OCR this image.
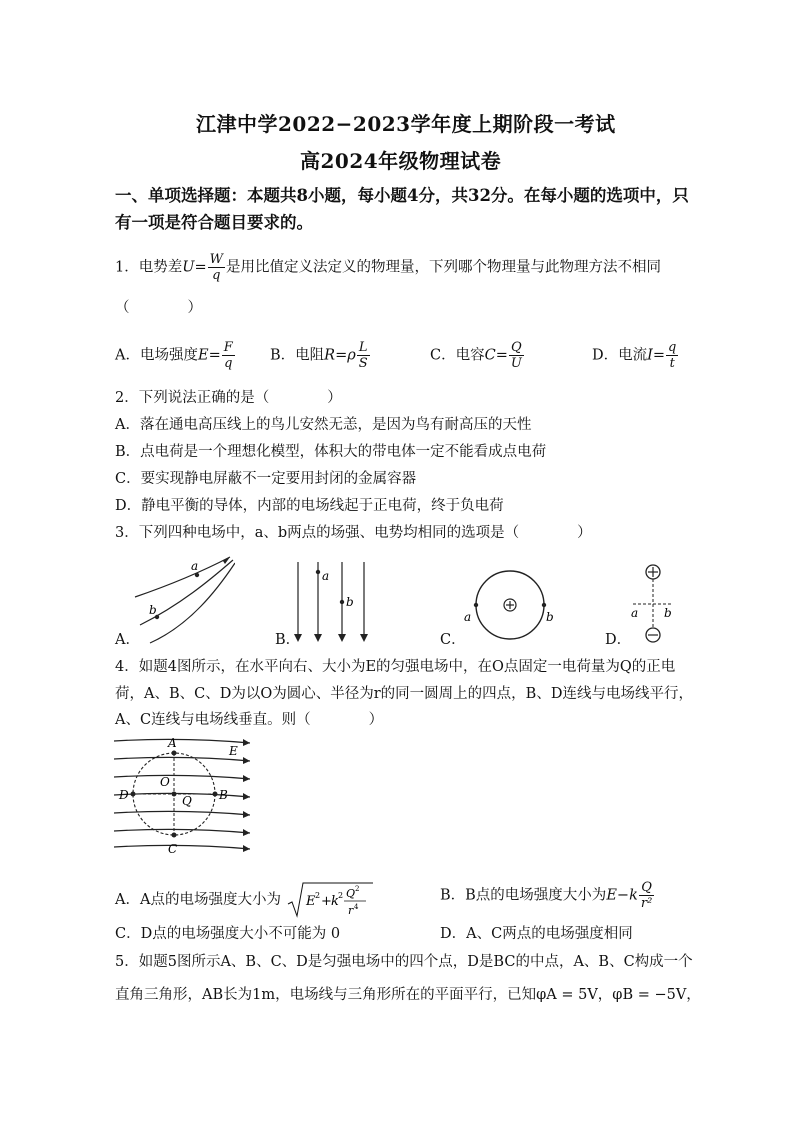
江津中学2022−2023学年度上期阶段一考试
高2024年级物理试卷
一、单项选择题：本题共8小题，每小题4分，共32分。在每小题的选项中，只
有一项是符合题目要求的。
1．电势差$U= \frac{W}{q}$ 是用比值定义法定义的物理量，下列哪个物理量与此物理方法不相同
（　　　　）
A．电场强度$E= \frac{F}{q}$ B．电阻$R=\rho \frac{L}{S}$	C．电容$C= \frac{Q}{U}$	D．电流$I= \frac{q}{t}$
2．下列说法正确的是（　　　　）
A．落在通电高压线上的鸟儿安然无恙，是因为鸟有耐高压的天性
B．点电荷是一个理想化模型，体积大的带电体一定不能看成点电荷
C．要实现静电屏蔽不一定要用封闭的金属容器
D．静电平衡的导体，内部的电场线起于正电荷，终于负电荷
3．下列四种电场中，a、b两点的场强、电势均相同的选项是（　　　　）
a
b
A．
a
b
B．
a	b
C．
a b
D．
4．如题4图所示，在水平向右、大小为E的匀强电场中，在O点固定一电荷量为Q的正电
荷，A、B、C、D为以O为圆心、半径为r的同一圆周上的四点，B、D连线与电场线平行，
A、C连线与电场线垂直。则（　　　　）
A
B
C
D
O
Q
E
A．A点的电场强度大小为 E 2 + k 2 Q 2
r 4
B．B点的电场强度大小为$E-k \frac{Q}{\text{r²}}$
C．D点的电场强度大小不可能为 0	D．A、C两点的电场强度相同
5．如题5图所示A、B、C、D是匀强电场中的四个点，D是BC的中点，A、B、C构成一个
直角三角形，AB长为1m，电场线与三角形所在的平面平行，已知φA = 5V，φB = −5V，
